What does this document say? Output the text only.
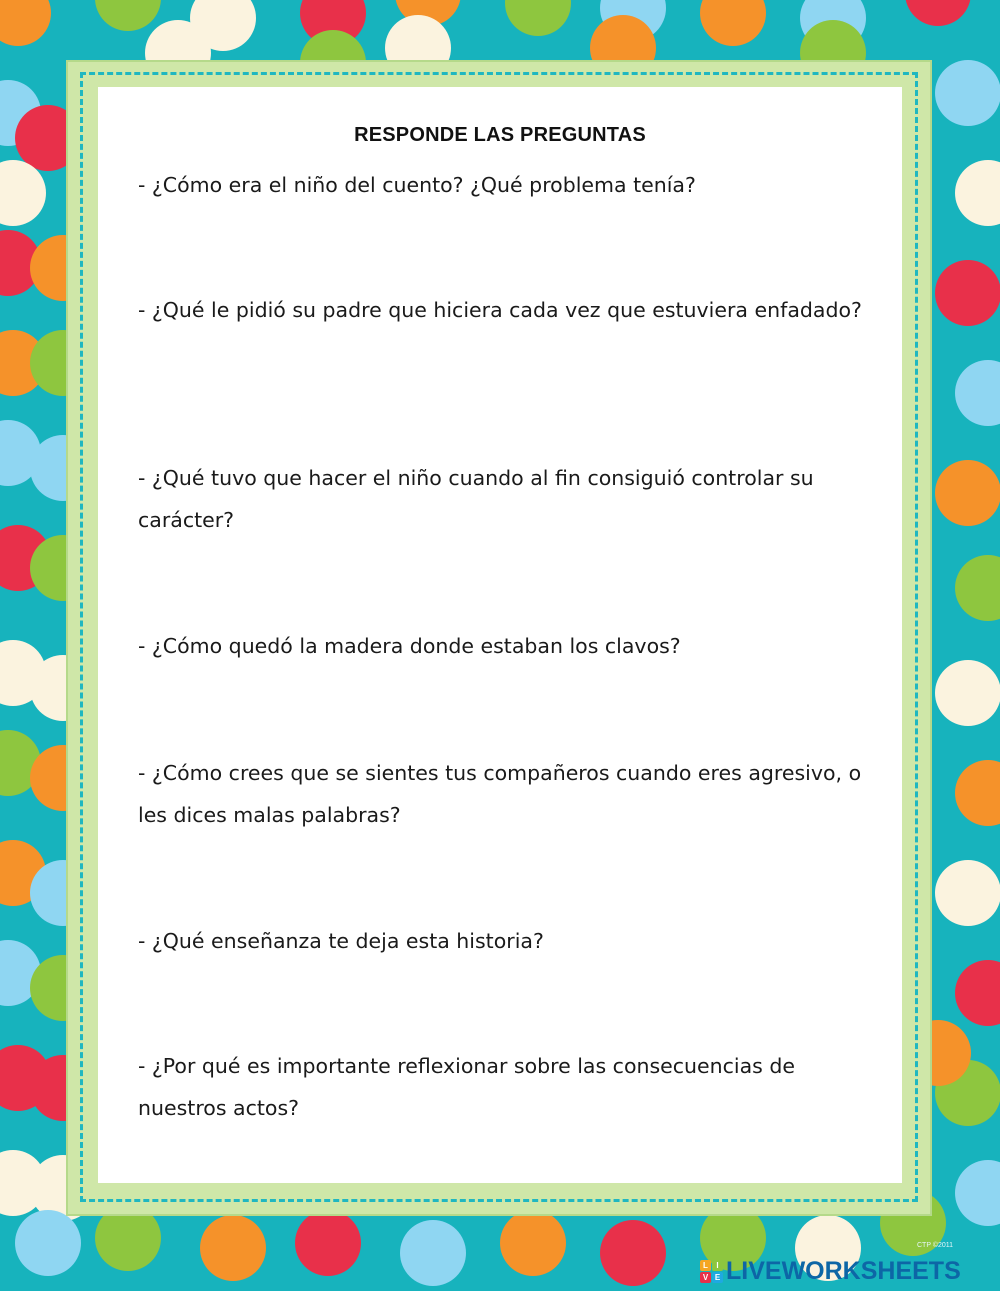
RESPONDE LAS PREGUNTAS

- ¿Cómo era el niño del cuento? ¿Qué problema tenía?

- ¿Qué le pidió su padre que hiciera cada vez que estuviera enfadado?

- ¿Qué tuvo que hacer el niño cuando al fin consiguió controlar su carácter?

- ¿Cómo quedó la madera donde estaban los clavos?

- ¿Cómo crees que se sientes tus compañeros cuando eres agresivo, o les dices malas palabras?

- ¿Qué enseñanza te deja esta historia?

- ¿Por qué es importante reflexionar sobre las consecuencias de nuestros actos?

CTP ©2011
L	I
V E LIVEWORKSHEETS
